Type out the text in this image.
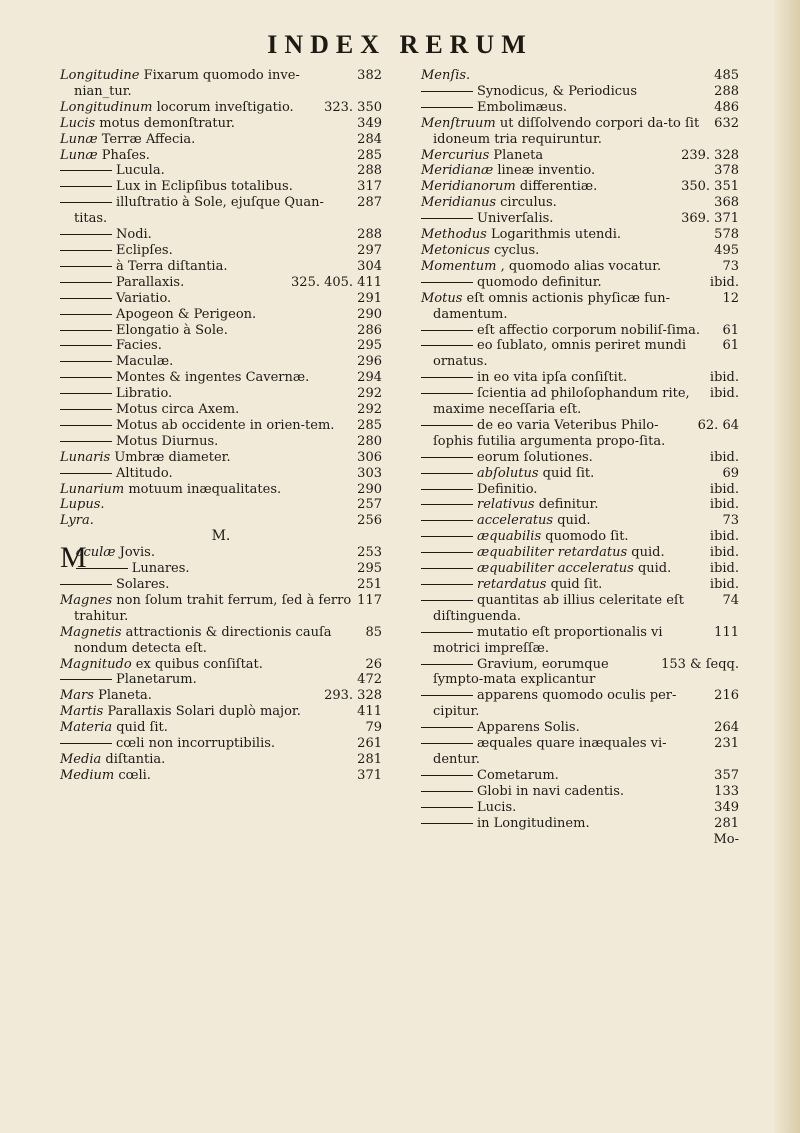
INDEX RERUM

382
Longitudine Fixarum quomodo inve-nian_tur.

323. 350
Longitudinum locorum inveſtigatio.

349
Lucis motus demonſtratur.

284
Lunæ Terræ Affecia.

285
Lunæ Phaſes.

288
Lucula.

317
Lux in Eclipſibus totalibus.

287
illuſtratio à Sole, ejuſque Quan-titas.

288
Nodi.

297
Eclipſes.

304
à Terra diſtantia.

325. 405. 411
Parallaxis.

291
Variatio.

290
Apogeon & Perigeon.

286
Elongatio à Sole.

295
Facies.

296
Maculæ.

294
Montes & ingentes Cavernæ.

292
Libratio.

292
Motus circa Axem.

285
Motus ab occidente in orien-tem.

280
Motus Diurnus.

306
Lunaris Umbræ diameter.

303
Altitudo.

290
Lunarium motuum inæqualitates.

257
Lupus.

256
Lyra.

M.

253
M
aculæ Jovis.

295
Lunares.

251
Solares.

117
Magnes non ſolum trahit ferrum, ſed à ferro trahitur.

85
Magnetis attractionis & directionis cauſa nondum detecta eſt.

26
Magnitudo ex quibus conſiſtat.

472
Planetarum.

293. 328
Mars Planeta.

411
Martis Parallaxis Solari duplò major.

79
Materia quid ſit.

261
cœli non incorruptibilis.

281
Media diſtantia.

371
Medium cœli.

485
Menſis.

288
Synodicus, & Periodicus

486
Embolimæus.

632
Menſtruum ut diſſolvendo corpori da-to ſit idoneum tria requiruntur.

239. 328
Mercurius Planeta

378
Meridianæ lineæ inventio.

350. 351
Meridianorum differentiæ.

368
Meridianus circulus.

369. 371
Univerſalis.

578
Methodus Logarithmis utendi.

495
Metonicus cyclus.

73
Momentum , quomodo alias vocatur.

ibid.
quomodo definitur.

12
Motus eſt omnis actionis phyſicæ fun-damentum.

61
eſt affectio corporum nobiliſ-ſima.

61
eo ſublato, omnis periret mundi ornatus.

ibid.
in eo vita ipſa conſiſtit.

ibid.
ſcientia ad philoſophandum rite, maxime neceſſaria eſt.

62. 64
de eo varia Veteribus Philo-ſophis futilia argumenta propo-ſita.

ibid.
eorum ſolutiones.

69
abſolutus quid ſit.

ibid.
Definitio.

ibid.
relativus definitur.

73
acceleratus quid.

ibid.
æquabilis quomodo ſit.

ibid.
æquabiliter retardatus quid.

ibid.
æquabiliter acceleratus quid.

ibid.
retardatus quid ſit.

74
quantitas ab illius celeritate eſt diſtinguenda.

111
mutatio eſt proportionalis vi motrici impreſſæ.

153 & ſeqq.
Gravium, eorumque ſympto-mata explicantur

216
apparens quomodo oculis per-cipitur.

264
Apparens Solis.

231
æquales quare inæquales vi-dentur.

357
Cometarum.

133
Globi in navi cadentis.

349
Lucis.

281
in Longitudinem.

Mo-
